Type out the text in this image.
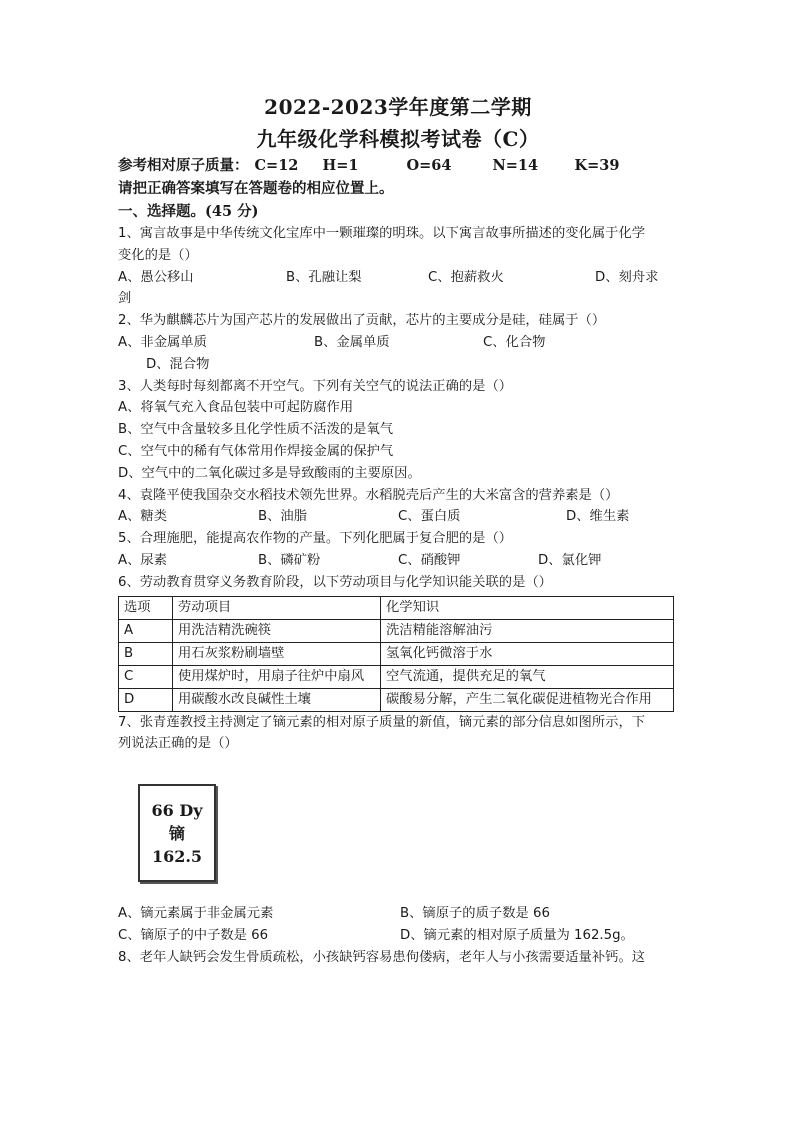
2022-2023学年度第二学期
九年级化学科模拟考试卷（C）
参考相对原子质量： C=12 H=1	O=64	N=14	K=39
请把正确答案填写在答题卷的相应位置上。
一、选择题。(45 分)
1、寓言故事是中华传统文化宝库中一颗璀璨的明珠。以下寓言故事所描述的变化属于化学
变化的是（）
A、愚公移山	B、孔融让梨	C、抱薪救火	D、刻舟求
剑
2、华为麒麟芯片为国产芯片的发展做出了贡献，芯片的主要成分是硅，硅属于（）
A、非金属单质	B、金属单质	C、化合物
D、混合物
3、人类每时每刻都离不开空气。下列有关空气的说法正确的是（）
A、将氧气充入食品包装中可起防腐作用
B、空气中含量较多且化学性质不活泼的是氧气
C、空气中的稀有气体常用作焊接金属的保护气
D、空气中的二氧化碳过多是导致酸雨的主要原因。
4、袁隆平使我国杂交水稻技术领先世界。水稻脱壳后产生的大米富含的营养素是（）
A、糖类	B、油脂	C、蛋白质	D、维生素
5、合理施肥，能提高农作物的产量。下列化肥属于复合肥的是（）
A、尿素	B、磷矿粉	C、硝酸钾	D、氯化钾
6、劳动教育贯穿义务教育阶段，以下劳动项目与化学知识能关联的是（）
选项	劳动项目	化学知识
A	用洗洁精洗碗筷	洗洁精能溶解油污
B	用石灰浆粉刷墙壁	氢氧化钙微溶于水
C	使用煤炉时，用扇子往炉中扇风	空气流通，提供充足的氧气
D	用碳酸水改良碱性土壤	碳酸易分解，产生二氧化碳促进植物光合作用
7、张青莲教授主持测定了镝元素的相对原子质量的新值，镝元素的部分信息如图所示，下
列说法正确的是（）
66 Dy
镝
162.5
A、镝元素属于非金属元素	B、镝原子的质子数是 66
C、镝原子的中子数是 66	D、镝元素的相对原子质量为 162.5g。
8、老年人缺钙会发生骨质疏松，小孩缺钙容易患佝偻病，老年人与小孩需要适量补钙。这
